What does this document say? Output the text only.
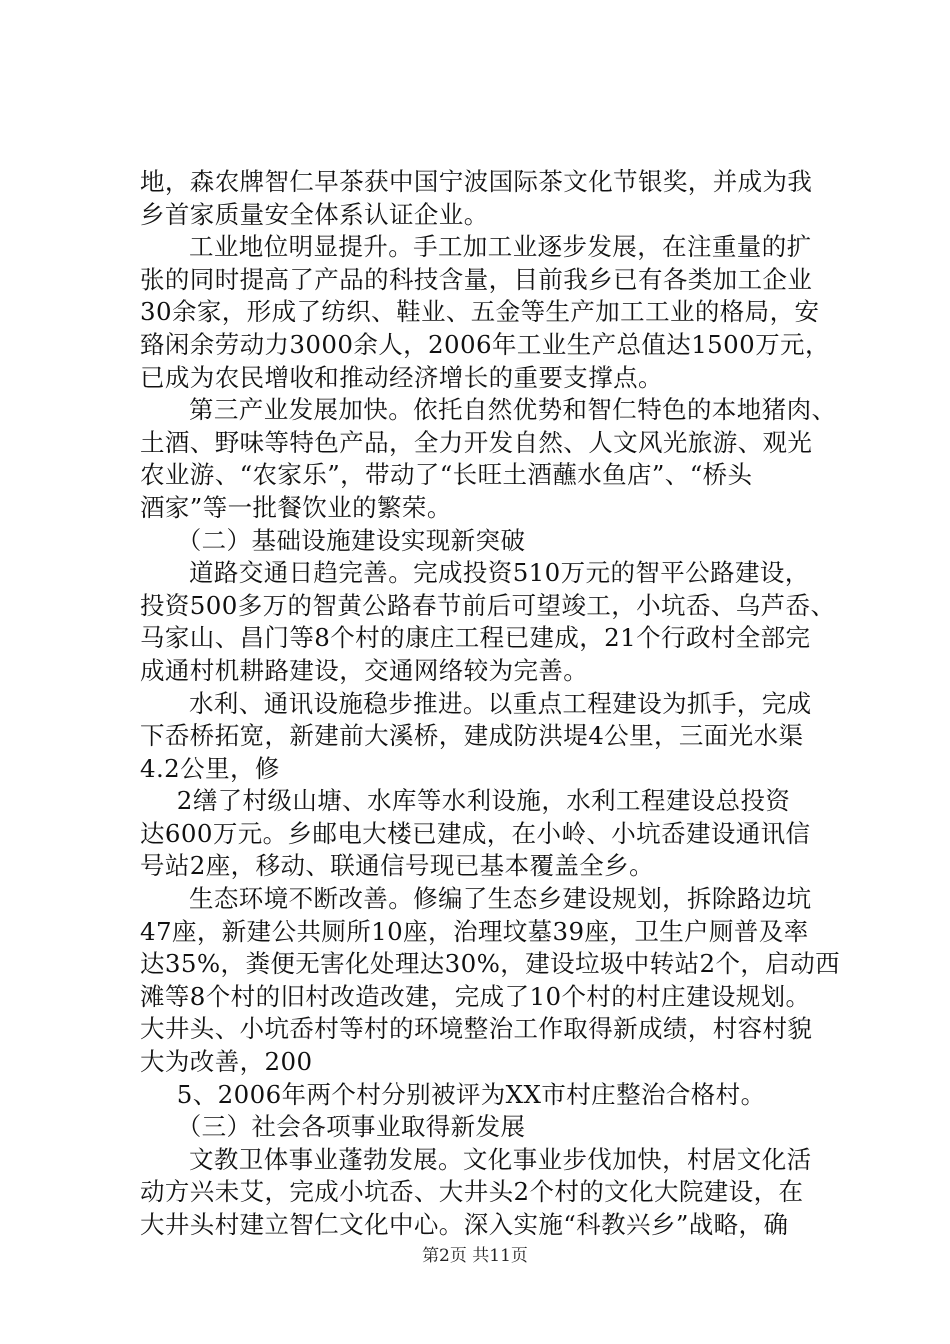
地，森农牌智仁早茶获中国宁波国际茶文化节银奖，并成为我
乡首家质量安全体系认证企业。
工业地位明显提升。手工加工业逐步发展，在注重量的扩
张的同时提高了产品的科技含量，目前我乡已有各类加工企业
30余家，形成了纺织、鞋业、五金等生产加工工业的格局，安
臵闲余劳动力3000余人，2006年工业生产总值达1500万元，
已成为农民增收和推动经济增长的重要支撑点。
第三产业发展加快。依托自然优势和智仁特色的本地猪肉、
土酒、野味等特色产品，全力开发自然、人文风光旅游、观光
农业游、“农家乐”，带动了“长旺土酒蘸水鱼店”、“桥头
酒家”等一批餐饮业的繁荣。
（二）基础设施建设实现新突破
道路交通日趋完善。完成投资510万元的智平公路建设，
投资500多万的智黄公路春节前后可望竣工，小坑岙、乌芦岙、
马家山、昌门等8个村的康庄工程已建成，21个行政村全部完
成通村机耕路建设，交通网络较为完善。
水利、通讯设施稳步推进。以重点工程建设为抓手，完成
下岙桥拓宽，新建前大溪桥，建成防洪堤4公里，三面光水渠
4.2公里，修
2缮了村级山塘、水库等水利设施，水利工程建设总投资
达600万元。乡邮电大楼已建成，在小岭、小坑岙建设通讯信
号站2座，移动、联通信号现已基本覆盖全乡。
生态环境不断改善。修编了生态乡建设规划，拆除路边坑
47座，新建公共厕所10座，治理坟墓39座，卫生户厕普及率
达35%，粪便无害化处理达30%，建设垃圾中转站2个，启动西
滩等8个村的旧村改造改建，完成了10个村的村庄建设规划。
大井头、小坑岙村等村的环境整治工作取得新成绩，村容村貌
大为改善，200
5、2006年两个村分别被评为XX市村庄整治合格村。
（三）社会各项事业取得新发展
文教卫体事业蓬勃发展。文化事业步伐加快，村居文化活
动方兴未艾，完成小坑岙、大井头2个村的文化大院建设，在
大井头村建立智仁文化中心。深入实施“科教兴乡”战略，确
第2页 共11页
